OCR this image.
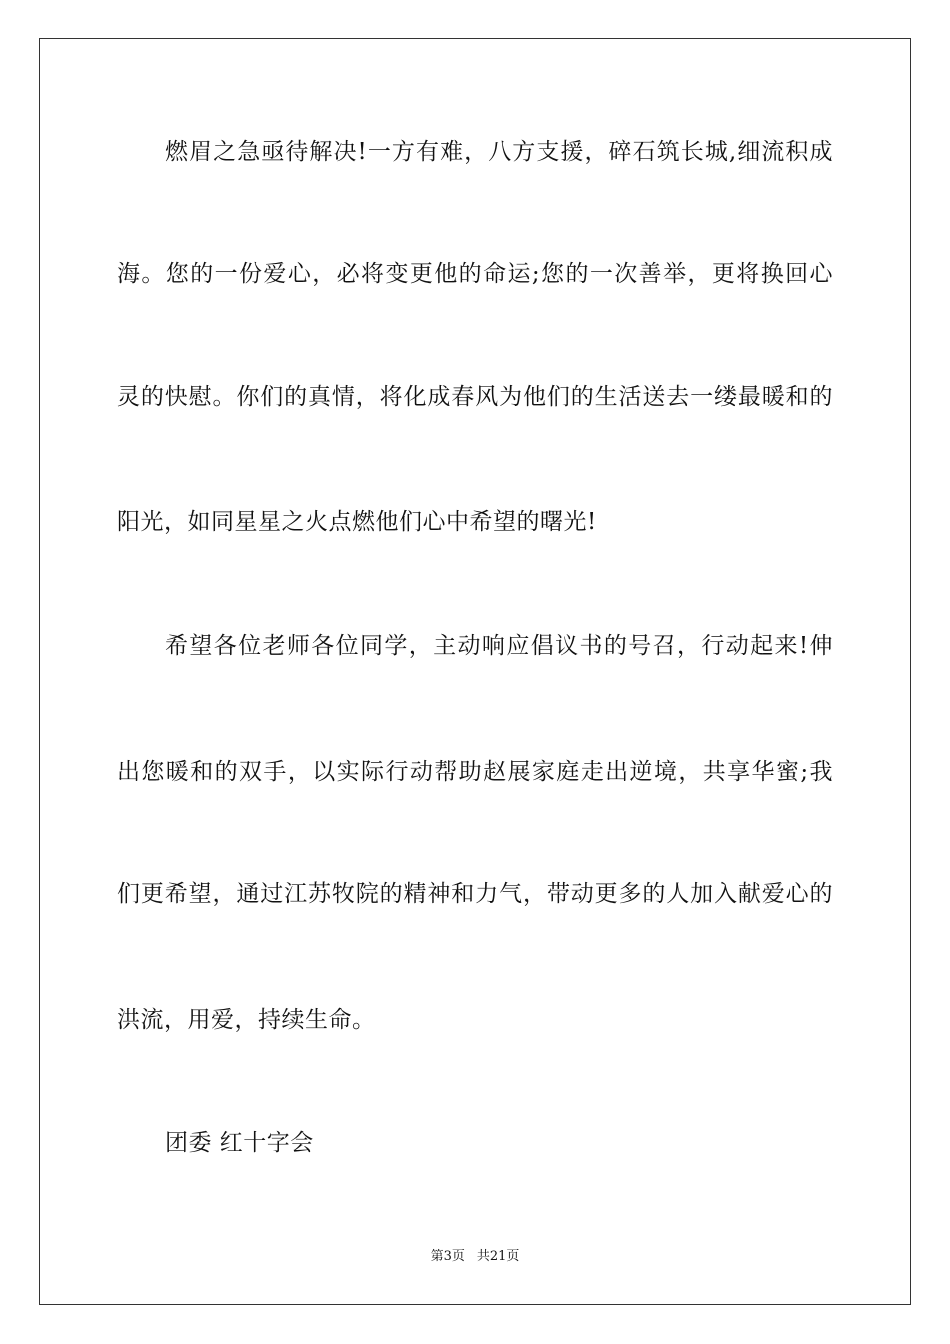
燃眉之急亟待解决!一方有难，八方支援，碎石筑长城,细流积成
海。您的一份爱心，必将变更他的命运;您的一次善举，更将换回心
灵的快慰。你们的真情，将化成春风为他们的生活送去一缕最暖和的
阳光，如同星星之火点燃他们心中希望的曙光!
希望各位老师各位同学，主动响应倡议书的号召，行动起来!伸
出您暖和的双手，以实际行动帮助赵展家庭走出逆境，共享华蜜;我
们更希望，通过江苏牧院的精神和力气，带动更多的人加入献爱心的
洪流，用爱，持续生命。
团委 红十字会
第3页 共21页
